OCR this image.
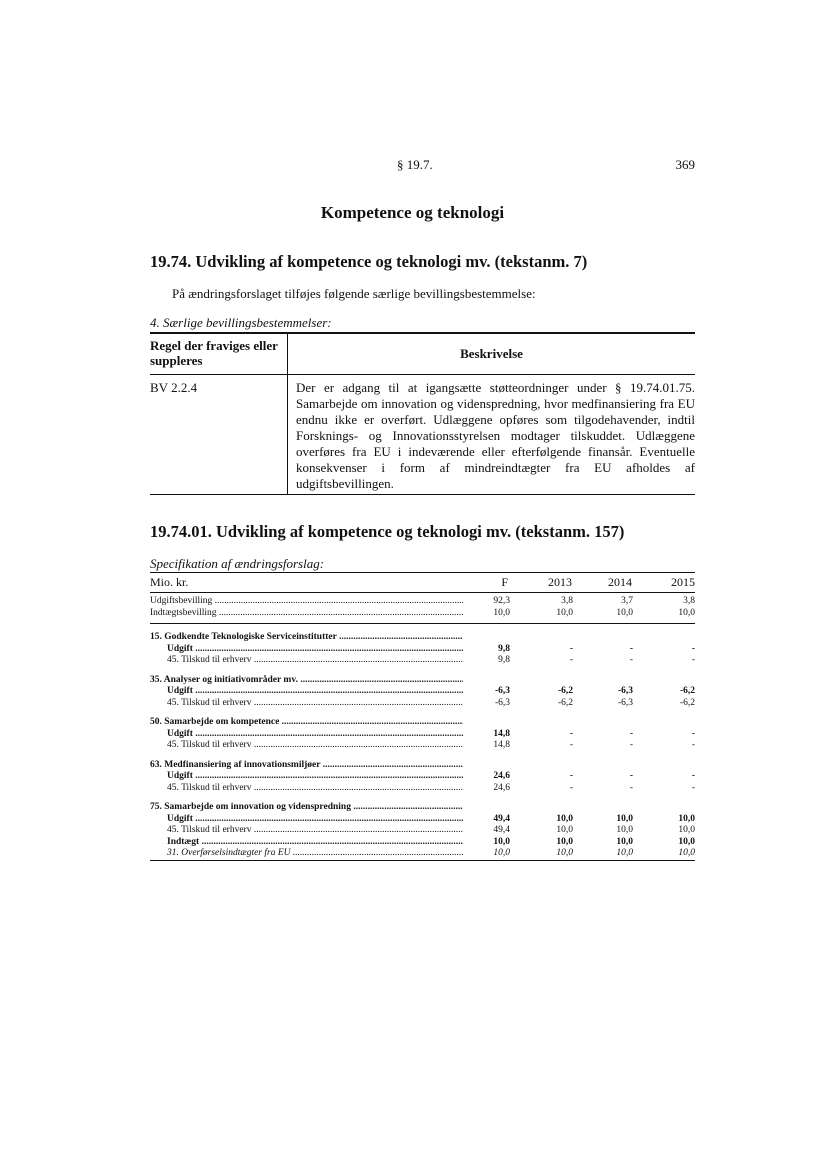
§ 19.7.	369
Kompetence og teknologi
19.74. Udvikling af kompetence og teknologi mv. (tekstanm. 7)
På ændringsforslaget tilføjes følgende særlige bevillingsbestemmelse:
4. Særlige bevillingsbestemmelser:
Regel der fraviges eller suppleres	Beskrivelse
BV 2.2.4	Der er adgang til at igangsætte støtteordninger under § 19.74.01.75. Samarbejde om innovation og videnspredning, hvor medfinansiering fra EU endnu ikke er overført. Udlæggene opføres som tilgodehavender, indtil Forsknings- og Innovationsstyrelsen modtager tilskuddet. Udlæggene overføres fra EU i indeværende eller efterfølgende finansår. Eventuelle konsekvenser i form af mindreindtægter fra EU afholdes af udgiftsbevillingen.
19.74.01. Udvikling af kompetence og teknologi mv. (tekstanm. 157)
Specifikation af ændringsforslag:
Mio. kr.	F	2013	2014	2015
Udgiftsbevilling .....	92,3	3,8	3,7	3,8
Indtægtsbevilling .....	10,0	10,0	10,0	10,0
15. Godkendte Teknologiske Serviceinstitutter .....
Udgift .....	9,8	-	-	-
45. Tilskud til erhverv .....	9,8	-	-	-
35. Analyser og initiativområder mv. .....
Udgift .....	-6,3	-6,2	-6,3	-6,2
45. Tilskud til erhverv .....	-6,3	-6,2	-6,3	-6,2
50. Samarbejde om kompetence .....
Udgift .....	14,8	-	-	-
45. Tilskud til erhverv .....	14,8	-	-	-
63. Medfinansiering af innovationsmiljøer .....
Udgift .....	24,6	-	-	-
45. Tilskud til erhverv .....	24,6	-	-	-
75. Samarbejde om innovation og videnspredning .....
Udgift .....	49,4	10,0	10,0	10,0
45. Tilskud til erhverv .....	49,4	10,0	10,0	10,0
Indtægt .....	10,0	10,0	10,0	10,0
31. Overførselsindtægter fra EU .....	10,0	10,0	10,0	10,0
